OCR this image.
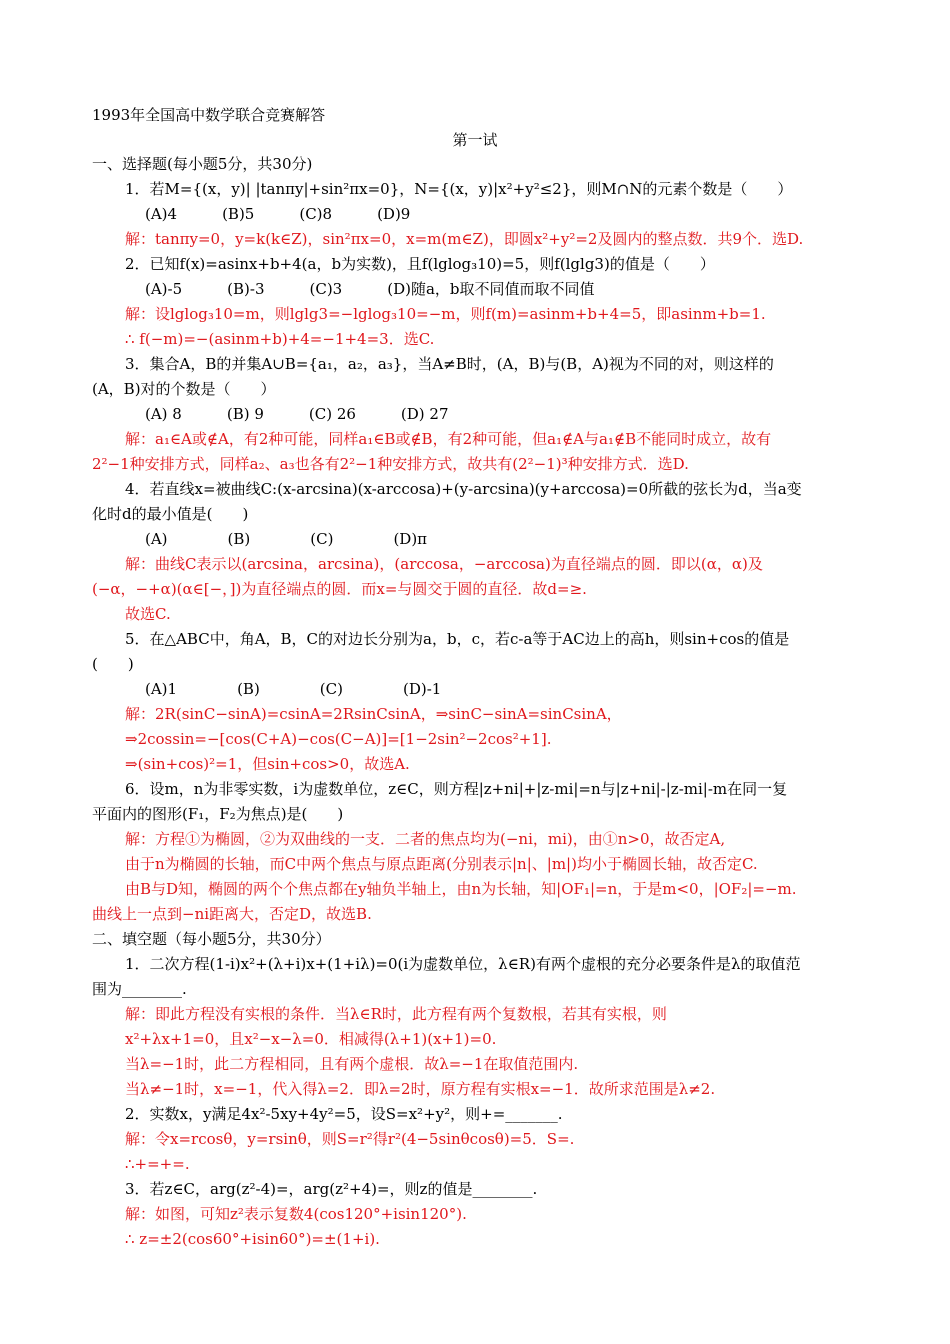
1993年全国高中数学联合竞赛解答
第一试
一、选择题(每小题5分，共30分)
1．若M={(x，y)| |tanπy|+sin²πx=0}，N={(x，y)|x²+y²≤2}，则M∩N的元素个数是（　　）
(A)4　　　(B)5　　　(C)8　　　(D)9
解：tanπy=0，y=k(k∈Z)，sin²πx=0，x=m(m∈Z)，即圆x²+y²=2及圆内的整点数．共9个．选D.
2．已知f(x)=asinx+b+4(a，b为实数)，且f(lglog₃10)=5，则f(lglg3)的值是（　　）
(A)-5　　　(B)-3　　　(C)3　　　(D)随a，b取不同值而取不同值
解：设lglog₃10=m，则lglg3=−lglog₃10=−m，则f(m)=asinm+b+4=5，即asinm+b=1.
∴ f(−m)=−(asinm+b)+4=−1+4=3．选C.
3．集合A，B的并集A∪B={a₁，a₂，a₃}，当A≠B时，(A，B)与(B，A)视为不同的对，则这样的
(A，B)对的个数是（　　）
(A) 8　　　(B) 9　　　(C) 26　　　(D) 27
解：a₁∈A或∉A，有2种可能，同样a₁∈B或∉B，有2种可能，但a₁∉A与a₁∉B不能同时成立，故有
2²−1种安排方式，同样a₂、a₃也各有2²−1种安排方式，故共有(2²−1)³种安排方式．选D.
4．若直线x=被曲线C:(x-arcsina)(x-arccosa)+(y-arcsina)(y+arccosa)=0所截的弦长为d，当a变
化时d的最小值是(　　)
(A)　　　　(B)　　　　(C)　　　　(D)π
解：曲线C表示以(arcsina，arcsina)，(arccosa，−arccosa)为直径端点的圆．即以(α，α)及
(−α，−+α)(α∈[−，])为直径端点的圆．而x=与圆交于圆的直径．故d=≥.
故选C.
5．在△ABC中，角A，B，C的对边长分别为a，b，c，若c-a等于AC边上的高h，则sin+cos的值是
(　　)
(A)1　　　　(B)　　　　(C)　　　　(D)-1
解：2R(sinC−sinA)=csinA=2RsinCsinA，⇒sinC−sinA=sinCsinA，
⇒2cossin=−[cos(C+A)−cos(C−A)]=[1−2sin²−2cos²+1].
⇒(sin+cos)²=1，但sin+cos>0，故选A.
6．设m，n为非零实数，i为虚数单位，z∈C，则方程|z+ni|+|z-mi|=n与|z+ni|-|z-mi|-m在同一复
平面内的图形(F₁，F₂为焦点)是(　　)
解：方程①为椭圆，②为双曲线的一支．二者的焦点均为(−ni，mi)，由①n>0，故否定A,
由于n为椭圆的长轴，而C中两个焦点与原点距离(分别表示|n|、|m|)均小于椭圆长轴，故否定C.
由B与D知，椭圆的两个个焦点都在y轴负半轴上，由n为长轴，知|OF₁|=n，于是m<0，|OF₂|=−m.
曲线上一点到−ni距离大，否定D，故选B.
二、填空题（每小题5分，共30分）
1．二次方程(1-i)x²+(λ+i)x+(1+iλ)=0(i为虚数单位，λ∈R)有两个虚根的充分必要条件是λ的取值范
围为________.
解：即此方程没有实根的条件．当λ∈R时，此方程有两个复数根，若其有实根，则
x²+λx+1=0，且x²−x−λ=0．相减得(λ+1)(x+1)=0.
当λ=−1时，此二方程相同，且有两个虚根．故λ=−1在取值范围内.
当λ≠−1时，x=−1，代入得λ=2．即λ=2时，原方程有实根x=−1．故所求范围是λ≠2.
2．实数x，y满足4x²-5xy+4y²=5，设S=x²+y²，则+=_______.
解：令x=rcosθ，y=rsinθ，则S=r²得r²(4−5sinθcosθ)=5．S=.
∴+=+=.
3．若z∈C，arg(z²-4)=，arg(z²+4)=，则z的值是________.
解：如图，可知z²表示复数4(cos120°+isin120°).
∴ z=±2(cos60°+isin60°)=±(1+i).
